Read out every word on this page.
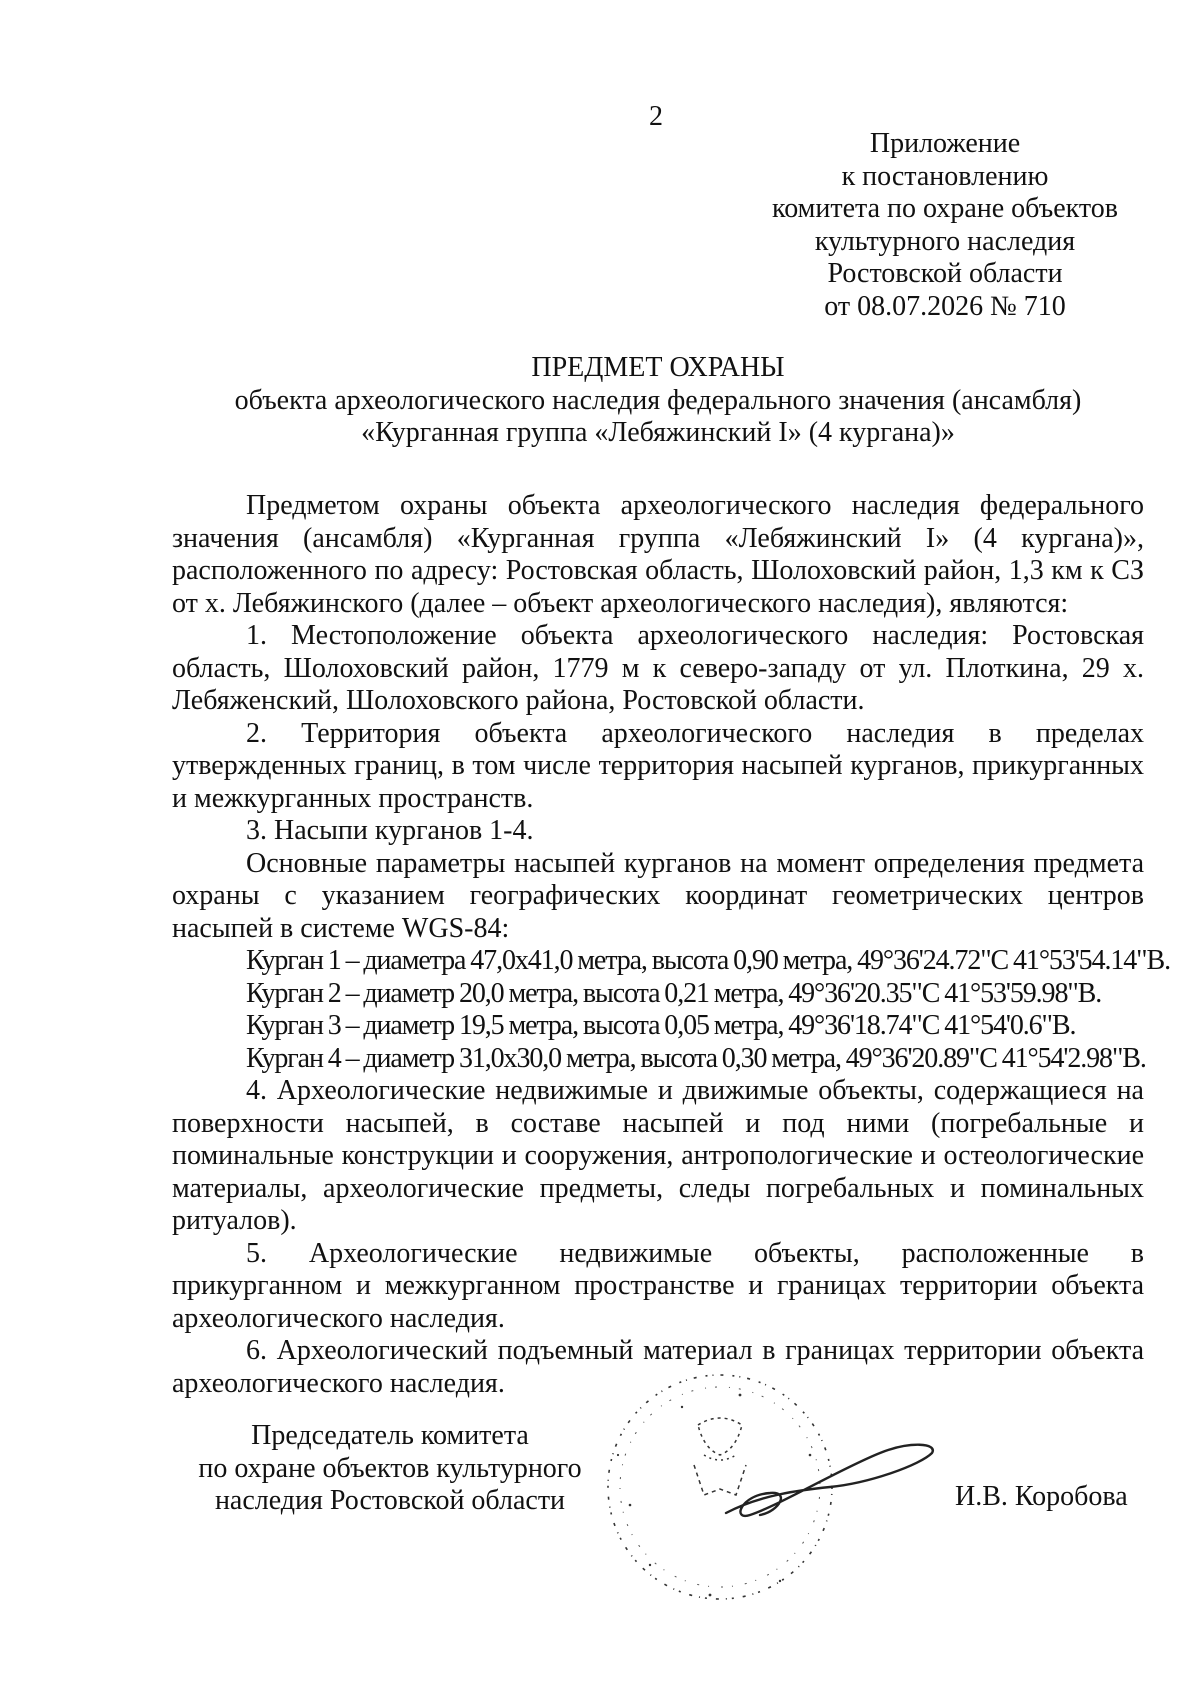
2
Приложение
к постановлению
комитета по охране объектов
культурного наследия
Ростовской области
от 08.07.2026 № 710
ПРЕДМЕТ ОХРАНЫ
объекта археологического наследия федерального значения (ансамбля)
«Курганная группа «Лебяжинский I» (4 кургана)»

Предметом охраны объекта археологического наследия федерального значения (ансамбля) «Курганная группа «Лебяжинский I» (4 кургана)», расположенного по адресу: Ростовская область, Шолоховский район, 1,3 км к СЗ от х. Лебяжинского (далее – объект археологического наследия), являются:

1. Местоположение объекта археологического наследия: Ростовская область, Шолоховский район, 1779 м к северо-западу от ул. Плоткина, 29 х. Лебяженский, Шолоховского района, Ростовской области.

2. Территория объекта археологического наследия в пределах утвержденных границ, в том числе территория насыпей курганов, прикурганных и межкурганных пространств.

3. Насыпи курганов 1-4.

Основные параметры насыпей курганов на момент определения предмета охраны с указанием географических координат геометрических центров насыпей в системе WGS-84:

Курган 1 – диаметра 47,0х41,0 метра, высота 0,90 метра, 49°36'24.72"С 41°53'54.14"В.

Курган 2 – диаметр 20,0 метра, высота 0,21 метра, 49°36'20.35"С 41°53'59.98"В.

Курган 3 – диаметр 19,5 метра, высота 0,05 метра, 49°36'18.74"С 41°54'0.6"В.

Курган 4 – диаметр 31,0х30,0 метра, высота 0,30 метра, 49°36'20.89"С 41°54'2.98"В.

4. Археологические недвижимые и движимые объекты, содержащиеся на поверхности насыпей, в составе насыпей и под ними (погребальные и поминальные конструкции и сооружения, антропологические и остеологические материалы, археологические предметы, следы погребальных и поминальных ритуалов).

5. Археологические недвижимые объекты, расположенные в прикурганном и межкурганном пространстве и границах территории объекта археологического наследия.

6. Археологический подъемный материал в границах территории объекта археологического наследия.

Председатель комитета
по охране объектов культурного
наследия Ростовской области	И.В. Коробова
